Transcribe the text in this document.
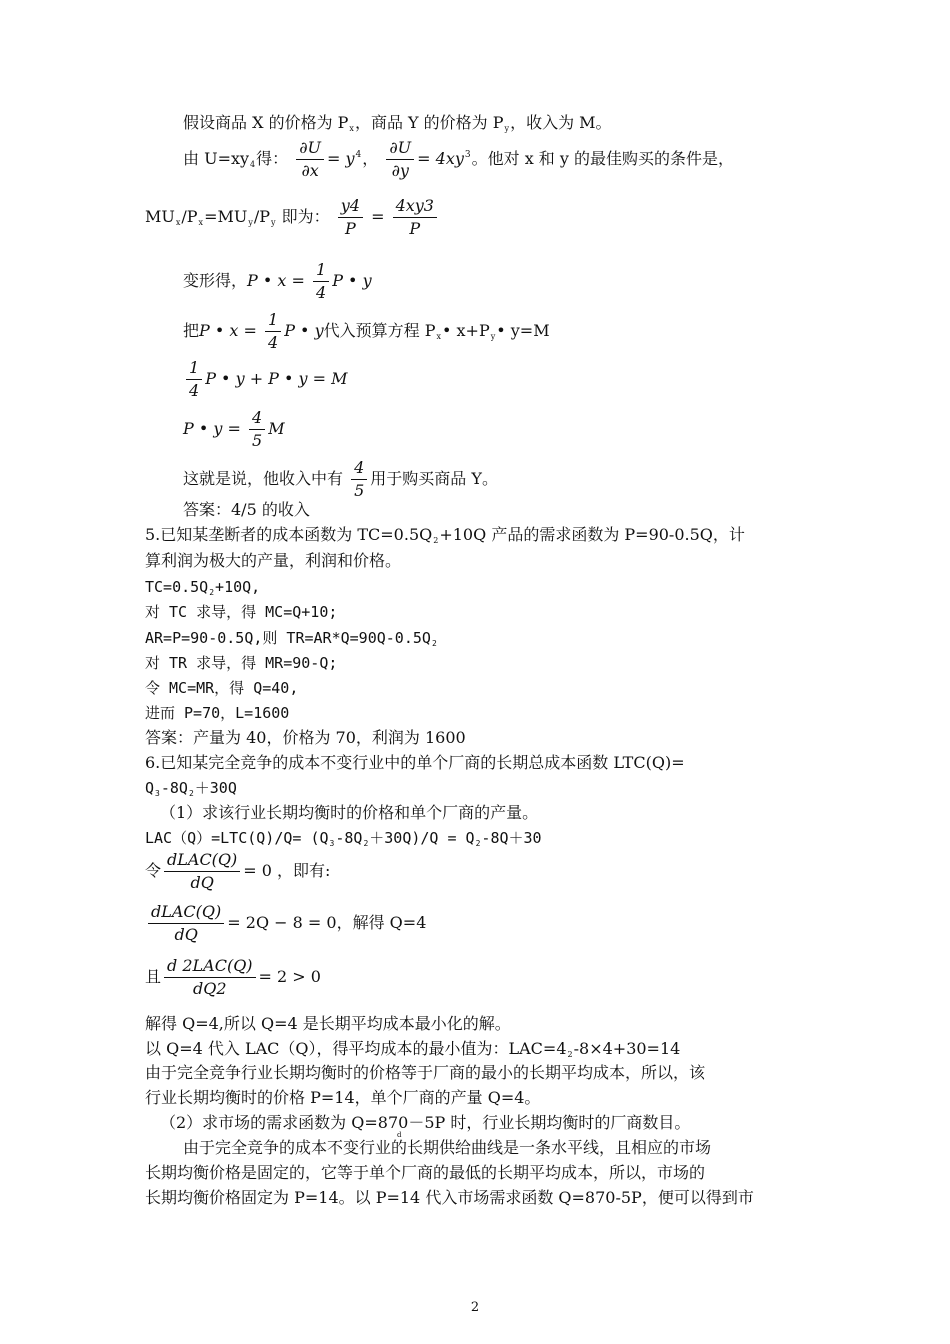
假设商品 X 的价格为 Px，商品 Y 的价格为 Py，收入为 M。
由 U=xy4得： $\frac{\partial U}{\partial x} = y^4$， $\frac{\partial U}{\partial y} = 4xy^3$。他对 x 和 y 的最佳购买的条件是，
MUx/Px=MUy/Py 即为： $\frac{y4}{P} = \frac{4xy3}{P}$
变形得，P • $x = \frac{1}{4}$ P • y
把P • $x = \frac{1}{4}$ P • y代入预算方程 Px• x+Py• y=M
$\frac{1}{4}$ P • y + P • y = M
P • $y = \frac{4}{5}$ M
这就是说，他收入中有 $\frac{4}{5}$ 用于购买商品 Y。
答案：4/5 的收入
5.已知某垄断者的成本函数为 TC=0.5Q2+10Q 产品的需求函数为 P=90-0.5Q，计
算利润为极大的产量，利润和价格。
$TC=0.5Q_2+10Q$,
对 TC 求导，得 MC=Q+10;
AR=P=90-0.5Q,则 $TR=AR*Q=90Q-0.5Q_2$
对 TR 求导，得 MR=90-Q;
令 MC=MR，得 Q=40,
进而 P=70，L=1600
答案：产量为 40，价格为 70，利润为 1600
6.已知某完全竞争的成本不变行业中的单个厂商的长期总成本函数 LTC(Q)=
$Q_3-8Q_2+30Q$
（1）求该行业长期均衡时的价格和单个厂商的产量。
$LAC(Q)=LTC(Q)/Q= (Q_3-8Q_2+30Q)/Q = Q_2-8Q+30$
令 $\frac{\text{dLAC(Q)}}{dQ} = 0$ ，即有:
$\frac{\text{dLAC(Q)}}{dQ} = 2Q - 8 = 0$，解得 Q=4
且 $\frac{\text{d 2LAC(Q)}}{dQ2} = 2 > 0$
解得 Q=4,所以 Q=4 是长期平均成本最小化的解。
以 Q=4 代入 LAC（Q），得平均成本的最小值为：LAC=42-8×4+30=14
由于完全竞争行业长期均衡时的价格等于厂商的最小的长期平均成本，所以，该
行业长期均衡时的价格 P=14，单个厂商的产量 Q=4。
（2）求市场的需求函数为 Q=870－5P 时，行业长期均衡时的厂商数目。
d
由于完全竞争的成本不变行业的长期供给曲线是一条水平线，且相应的市场
长期均衡价格是固定的，它等于单个厂商的最低的长期平均成本，所以，市场的
长期均衡价格固定为 P=14。以 P=14 代入市场需求函数 Q=870-5P，便可以得到市
2
